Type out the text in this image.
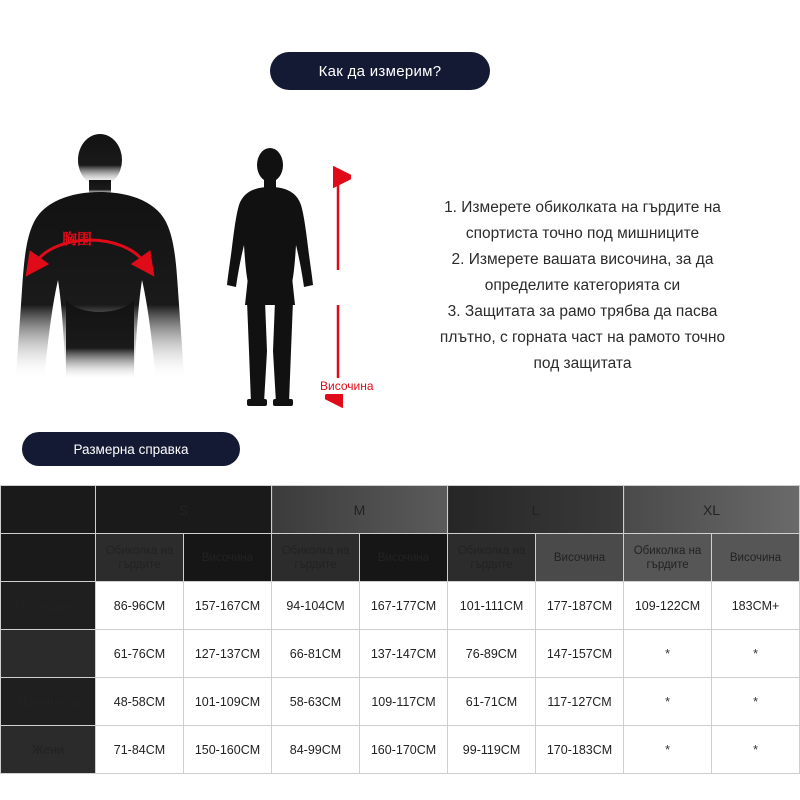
Как да измерим?
胸围
Височина
1. Измерете обиколката на гърдите на
спортиста точно под мишниците
2. Измерете вашата височина, за да
определите категорията си
3. Защитата за рамо трябва да пасва
плътно, с горната част на рамото точно
под защитата
Размерна справка
	S		M		L		XL	
	Обиколка на гърдите	Височина	Обиколка на гърдите	Височина	Обиколка на гърдите	Височина	Обиколка на гърдите	Височина
Напреднал	86-96CM	157-167CM	94-104CM	167-177CM	101-111CM	177-187CM	109-122CM	183CM+
	61-76CM	127-137CM	66-81CM	137-147CM	76-89CM	147-157CM	*	*
Начинаещ	48-58CM	101-109CM	58-63CM	109-117CM	61-71CM	117-127CM	*	*
Жени	71-84CM	150-160CM	84-99CM	160-170CM	99-119CM	170-183CM	*	*
